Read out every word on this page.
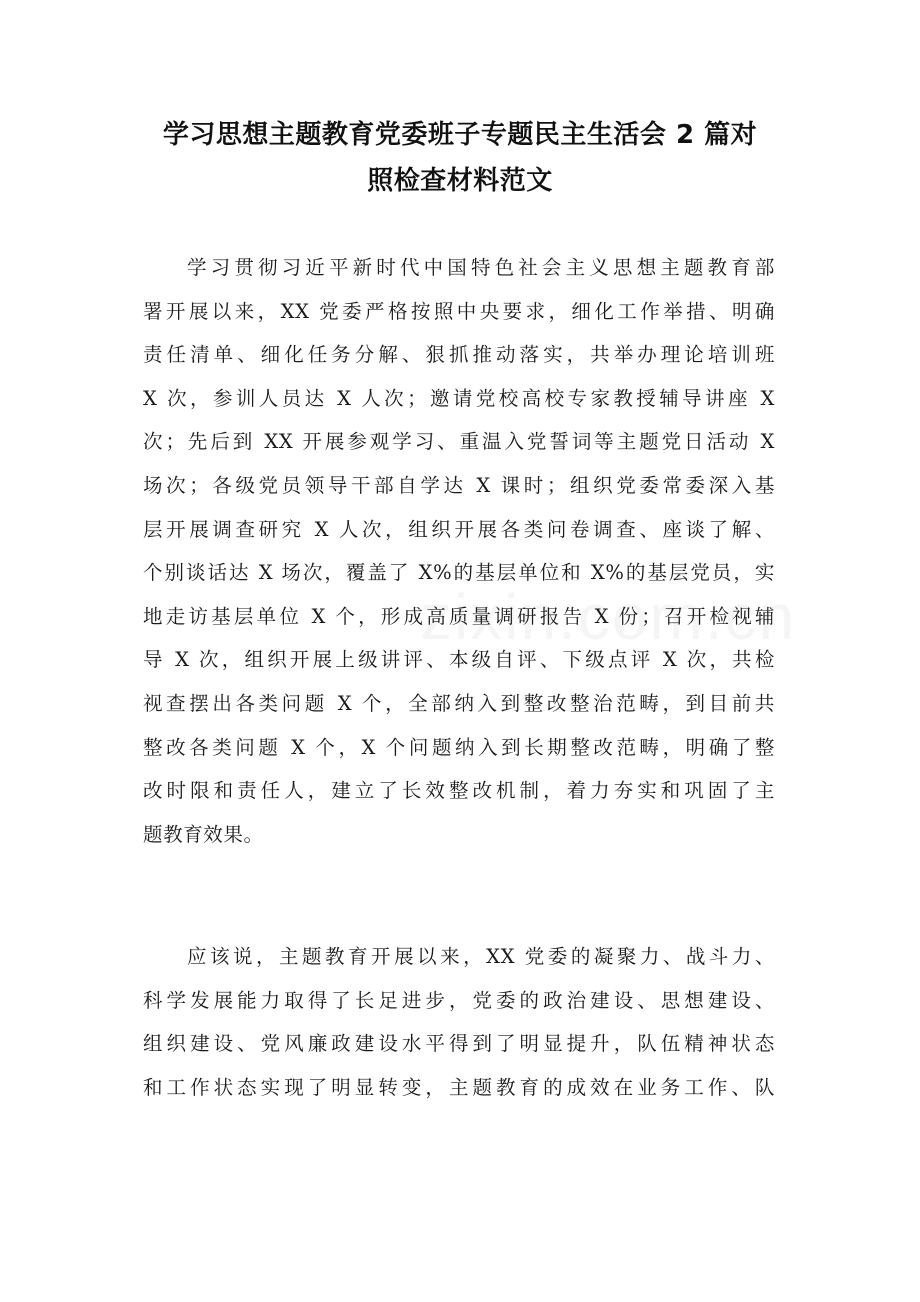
学习思想主题教育党委班子专题民主生活会 2 篇对
照检查材料范文
学习贯彻习近平新时代中国特色社会主义思想主题教育部
署开展以来，XX 党委严格按照中央要求，细化工作举措、明确
责任清单、细化任务分解、狠抓推动落实，共举办理论培训班
X 次，参训人员达 X 人次；邀请党校高校专家教授辅导讲座 X
次；先后到 XX 开展参观学习、重温入党誓词等主题党日活动 X
场次；各级党员领导干部自学达 X 课时；组织党委常委深入基
层开展调查研究 X 人次，组织开展各类问卷调查、座谈了解、
个别谈话达 X 场次，覆盖了 X%的基层单位和 X%的基层党员，实
地走访基层单位 X 个，形成高质量调研报告 X 份；召开检视辅
导 X 次，组织开展上级讲评、本级自评、下级点评 X 次，共检
视查摆出各类问题 X 个，全部纳入到整改整治范畴，到目前共
整改各类问题 X 个，X 个问题纳入到长期整改范畴，明确了整
改时限和责任人，建立了长效整改机制，着力夯实和巩固了主
题教育效果。
应该说，主题教育开展以来，XX 党委的凝聚力、战斗力、
科学发展能力取得了长足进步，党委的政治建设、思想建设、
组织建设、党风廉政建设水平得到了明显提升，队伍精神状态
和工作状态实现了明显转变，主题教育的成效在业务工作、队
